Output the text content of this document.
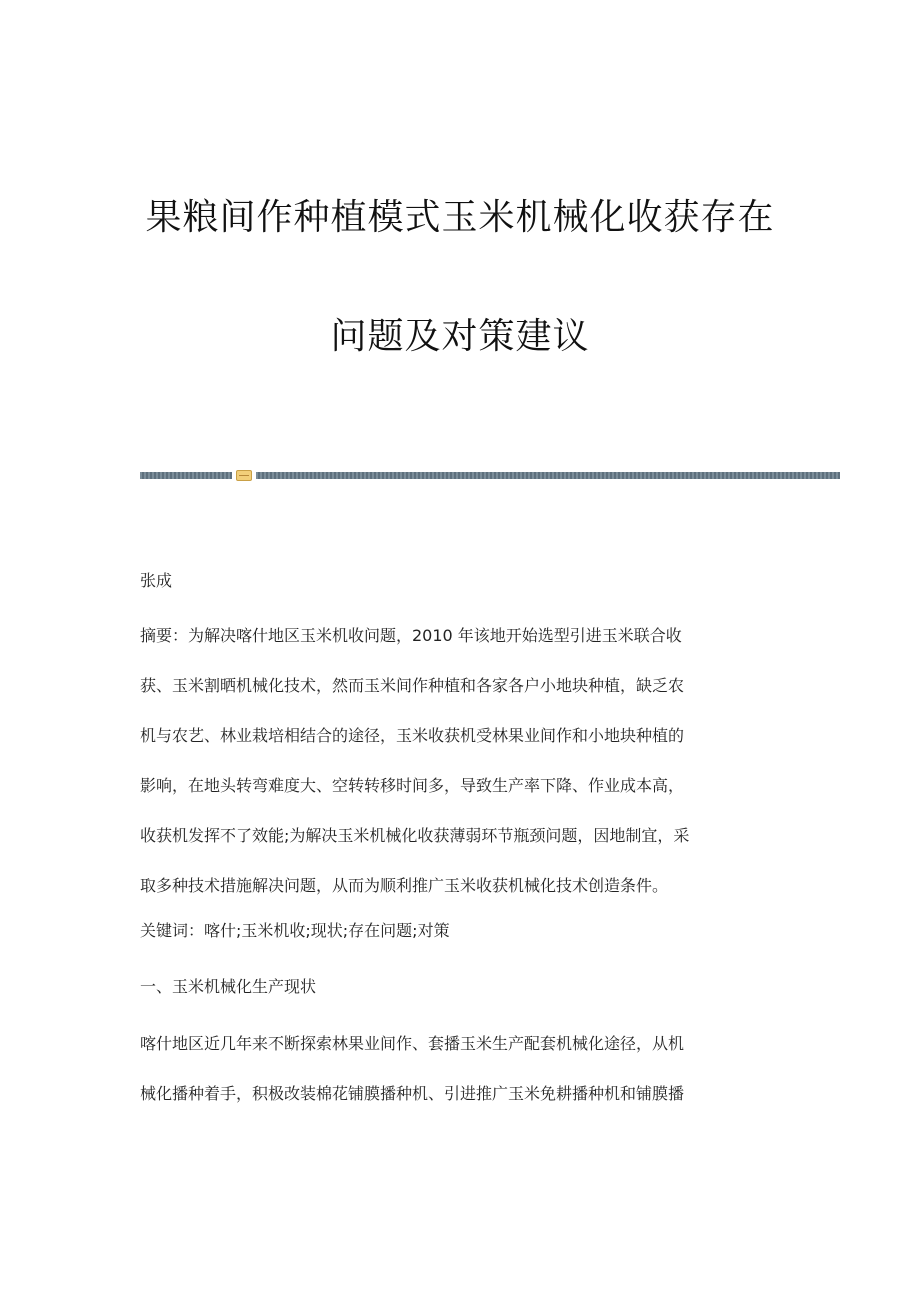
果粮间作种植模式玉米机械化收获存在
问题及对策建议
张成
摘要：为解决喀什地区玉米机收问题，2010 年该地开始选型引进玉米联合收
获、玉米割晒机械化技术，然而玉米间作种植和各家各户小地块种植，缺乏农
机与农艺、林业栽培相结合的途径，玉米收获机受林果业间作和小地块种植的
影响，在地头转弯难度大、空转转移时间多，导致生产率下降、作业成本高，
收获机发挥不了效能;为解决玉米机械化收获薄弱环节瓶颈问题，因地制宜，采
取多种技术措施解决问题，从而为顺利推广玉米收获机械化技术创造条件。
关键词：喀什;玉米机收;现状;存在问题;对策
一、玉米机械化生产现状
喀什地区近几年来不断探索林果业间作、套播玉米生产配套机械化途径，从机
械化播种着手，积极改装棉花铺膜播种机、引进推广玉米免耕播种机和铺膜播
